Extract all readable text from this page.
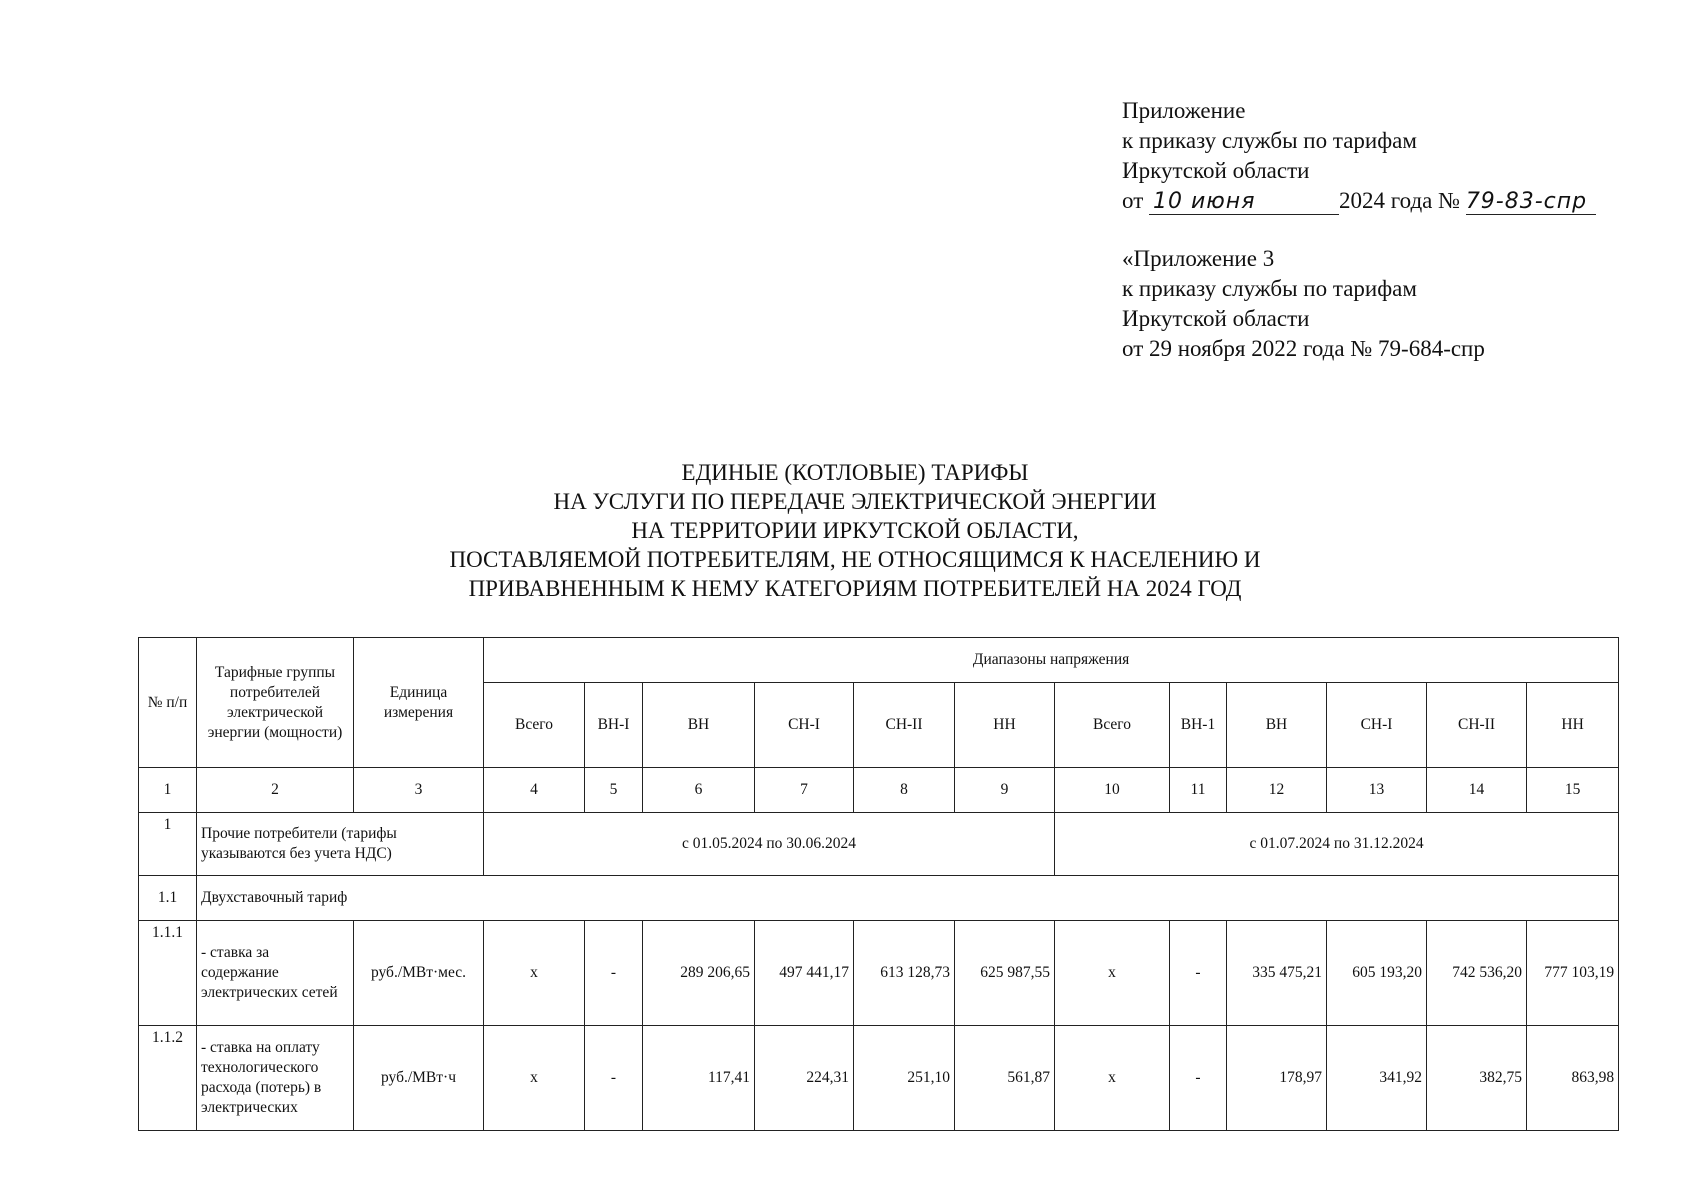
Приложение
к приказу службы по тарифам
Иркутской области
от 10 июня	2024 года № 79-83-спр
«Приложение 3
к приказу службы по тарифам
Иркутской области
от 29 ноября 2022 года № 79-684-спр
ЕДИНЫЕ (КОТЛОВЫЕ) ТАРИФЫ
НА УСЛУГИ ПО ПЕРЕДАЧЕ ЭЛЕКТРИЧЕСКОЙ ЭНЕРГИИ
НА ТЕРРИТОРИИ ИРКУТСКОЙ ОБЛАСТИ,
ПОСТАВЛЯЕМОЙ ПОТРЕБИТЕЛЯМ, НЕ ОТНОСЯЩИМСЯ К НАСЕЛЕНИЮ И
ПРИВАВНЕННЫМ К НЕМУ КАТЕГОРИЯМ ПОТРЕБИТЕЛЕЙ НА 2024 ГОД
№ п/п	Тарифные группы потребителей электрической энергии (мощности)	Единица измерения	Диапазоны напряжения											
			Всего	ВН-I	ВН	СН-I	СН-II	НН	Всего	ВН-1	ВН	СН-I	СН-II	НН
1	2	3	4	5	6	7	8	9	10	11	12	13	14	15
1	Прочие потребители (тарифы указываются без учета НДС)		с 01.05.2024 по 30.06.2024						с 01.07.2024 по 31.12.2024					
1.1	Двухставочный тариф													
1.1.1	- ставка за содержание электрических сетей	руб./МВт·мес.	х	-	289 206,65	497 441,17	613 128,73	625 987,55	х	-	335 475,21	605 193,20	742 536,20	777 103,19
1.1.2	- ставка на оплату технологического расхода (потерь) в электрических	руб./МВт·ч	х	-	117,41	224,31	251,10	561,87	х	-	178,97	341,92	382,75	863,98
